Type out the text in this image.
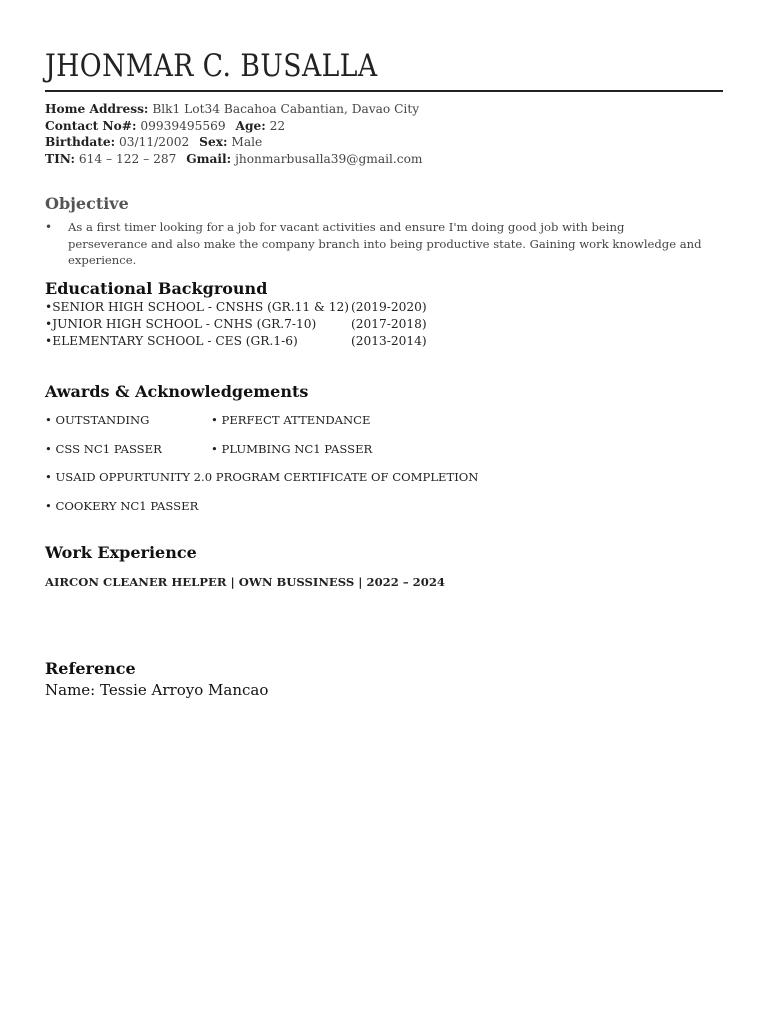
JHONMAR C. BUSALLA
Home Address: Blk1 Lot34 Bacahoa Cabantian, Davao City
Contact No#: 09939495569 Age: 22
Birthdate: 03/11/2002 Sex: Male
TIN: 614 – 122 – 287 Gmail: jhonmarbusalla39@gmail.com
Objective
• As a first timer looking for a job for vacant activities and ensure I'm doing good job with being perseverance and also make the company branch into being productive state. Gaining work knowledge and experience.
Educational Background
•SENIOR HIGH SCHOOL - CNSHS (GR.11 & 12) (2019-2020)
•JUNIOR HIGH SCHOOL - CNHS (GR.7-10)	(2017-2018)
•ELEMENTARY SCHOOL - CES (GR.1-6)	(2013-2014)
Awards & Acknowledgements
• OUTSTANDING	• PERFECT ATTENDANCE
• CSS NC1 PASSER	• PLUMBING NC1 PASSER
• USAID OPPURTUNITY 2.0 PROGRAM CERTIFICATE OF COMPLETION
• COOKERY NC1 PASSER
Work Experience
AIRCON CLEANER HELPER | OWN BUSSINESS | 2022 – 2024
Reference
Name: Tessie Arroyo Mancao
